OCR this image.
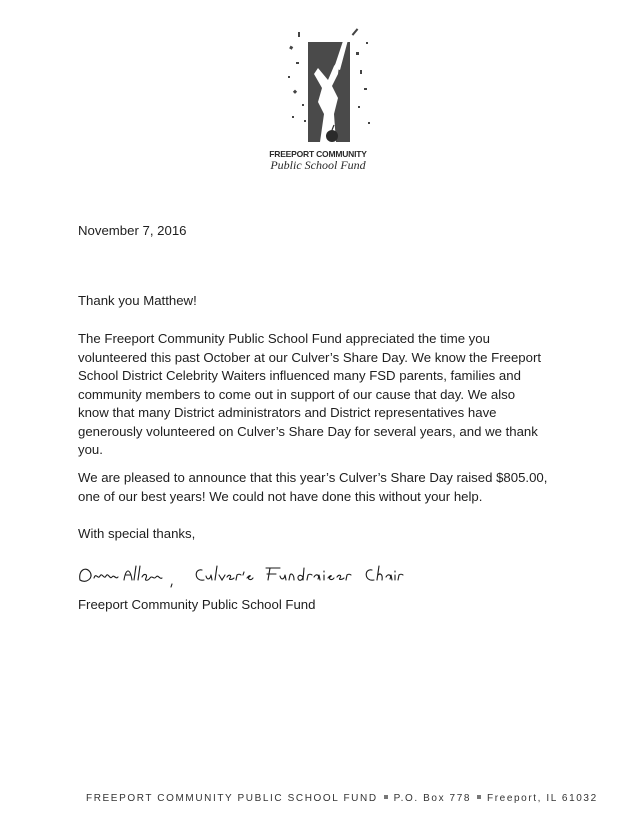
FREEPORT COMMUNITY
Public School Fund
November 7, 2016
Thank you Matthew!
The Freeport Community Public School Fund appreciated the time you volunteered this past October at our Culver’s Share Day. We know the Freeport School District Celebrity Waiters influenced many FSD parents, families and community members to come out in support of our cause that day. We also know that many District administrators and District representatives have generously volunteered on Culver’s Share Day for several years, and we thank you.
We are pleased to announce that this year’s Culver’s Share Day raised $805.00, one of our best years! We could not have done this without your help.
With special thanks,
Freeport Community Public School Fund
FREEPORT COMMUNITY PUBLIC SCHOOL FUND P.O. Box 778 Freeport, IL 61032
